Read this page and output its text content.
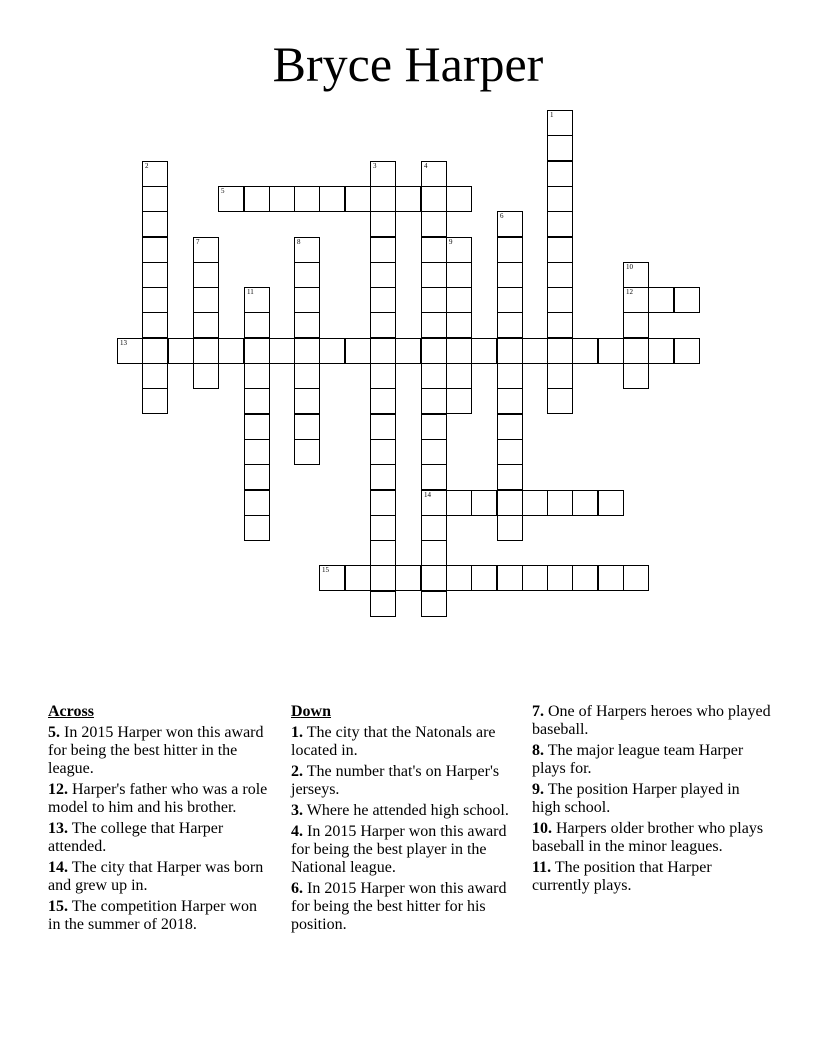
Bryce Harper
1
2	3	4
5
6
7	8	9
10
11	12
13
14
15
Across
5. In 2015 Harper won this award for being the best hitter in the league.
12. Harper's father who was a role model to him and his brother.
13. The college that Harper attended.
14. The city that Harper was born and grew up in.
15. The competition Harper won in the summer of 2018.
Down
1. The city that the Natonals are located in.
2. The number that's on Harper's jerseys.
3. Where he attended high school.
4. In 2015 Harper won this award for being the best player in the National league.
6. In 2015 Harper won this award for being the best hitter for his position.
7. One of Harpers heroes who played baseball.
8. The major league team Harper plays for.
9. The position Harper played in high school.
10. Harpers older brother who plays baseball in the minor leagues.
11. The position that Harper currently plays.
